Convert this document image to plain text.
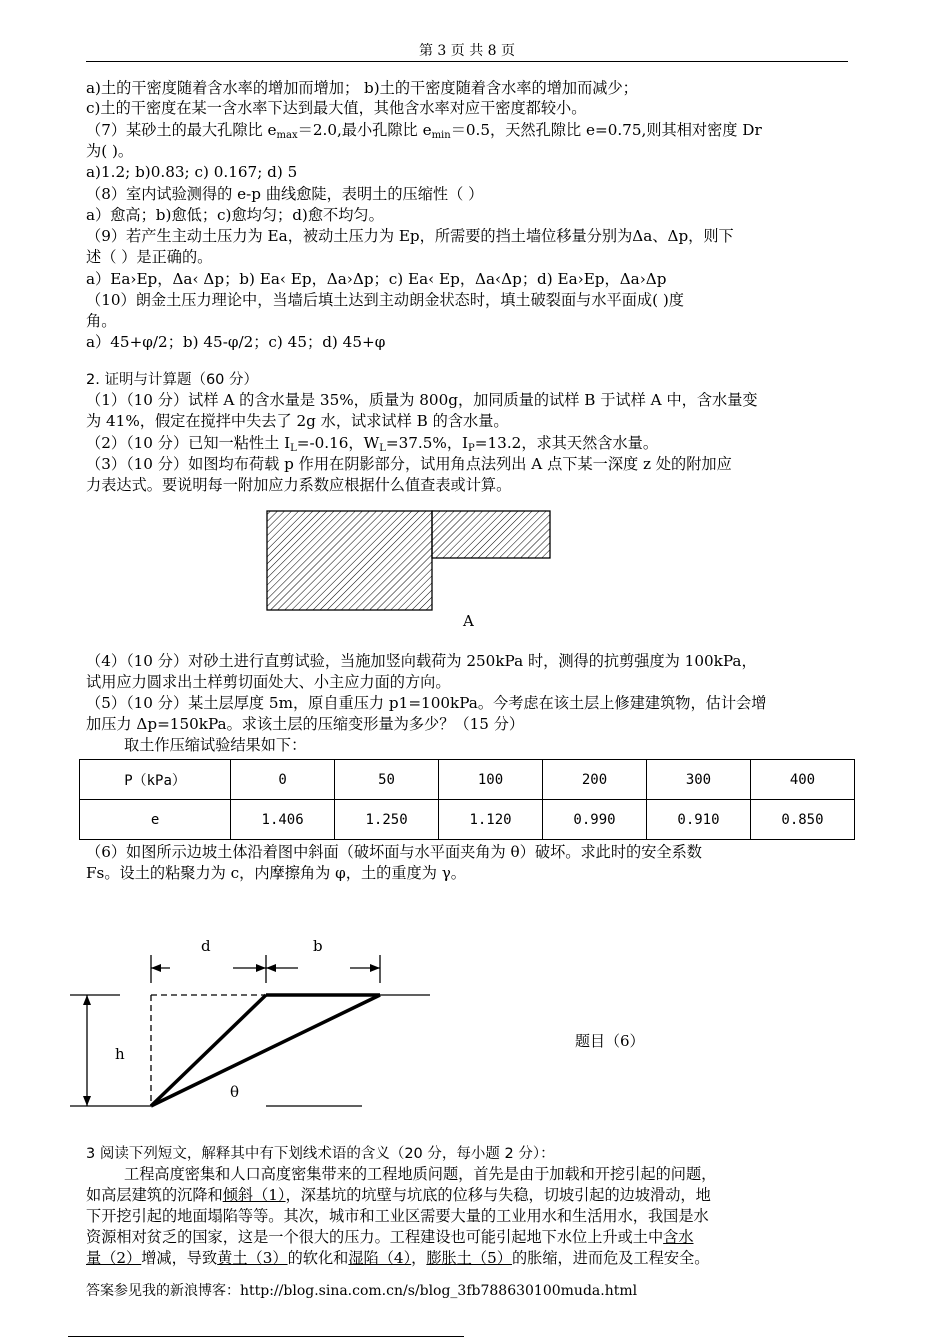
第 3 页 共 8 页
a)土的干密度随着含水率的增加而增加； b)土的干密度随着含水率的增加而减少；
c)土的干密度在某一含水率下达到最大值，其他含水率对应干密度都较小。
（7）某砂土的最大孔隙比 $e_{max}=2.0$,最小孔隙比 $e_{min}=0.5$，天然孔隙比 e=0.75,则其相对密度 Dr
为( )。
a)1.2; b)0.83; c) 0.167; d) 5
（8）室内试验测得的 e-p 曲线愈陡，表明土的压缩性（ ）
a）愈高；b)愈低；c)愈均匀；d)愈不均匀。
（9）若产生主动土压力为 Ea，被动土压力为 Ep，所需要的挡土墙位移量分别为Δa、Δp，则下
述（ ）是正确的。
a）Ea›Ep，Δa‹ Δp；b) Ea‹ Ep，Δa›Δp；c) Ea‹ Ep，Δa‹Δp；d) Ea›Ep，Δa›Δp
（10）朗金土压力理论中，当墙后填土达到主动朗金状态时，填土破裂面与水平面成( )度
角。
a）45+φ/2；b) 45-φ/2；c) 45；d) 45+φ
2. 证明与计算题（60 分）
（1）（10 分）试样 A 的含水量是 35%，质量为 800g，加同质量的试样 B 于试样 A 中，含水量变
为 41%，假定在搅拌中失去了 2g 水，试求试样 B 的含水量。
（2）（10 分）已知一粘性土 $I_L=-0.16$，$W_L=37.5\%$，$I_P=13.2$，求其天然含水量。
（3）（10 分）如图均布荷载 p 作用在阴影部分，试用角点法列出 A 点下某一深度 z 处的附加应
力表达式。要说明每一附加应力系数应根据什么值查表或计算。
A
（4）（10 分）对砂土进行直剪试验，当施加竖向载荷为 250kPa 时，测得的抗剪强度为 100kPa，
试用应力圆求出土样剪切面处大、小主应力面的方向。
（5）（10 分）某土层厚度 5m，原自重压力 p1=100kPa。今考虑在该土层上修建建筑物，估计会增
加压力 Δp=150kPa。求该土层的压缩变形量为多少？（15 分）
取土作压缩试验结果如下：
P（kPa）	0	50	100	200	300	400
e	1.406	1.250	1.120	0.990	0.910	0.850
（6）如图所示边坡土体沿着图中斜面（破坏面与水平面夹角为 θ）破坏。求此时的安全系数
Fs。设土的粘聚力为 c，内摩擦角为 φ，土的重度为 γ。
d	b
h
θ
题目（6）
3 阅读下列短文，解释其中有下划线术语的含义（20 分，每小题 2 分）：
工程高度密集和人口高度密集带来的工程地质问题，首先是由于加载和开挖引起的问题，
如高层建筑的沉降和倾斜（1），深基坑的坑壁与坑底的位移与失稳，切坡引起的边坡滑动，地
下开挖引起的地面塌陷等等。其次，城市和工业区需要大量的工业用水和生活用水，我国是水
资源相对贫乏的国家，这是一个很大的压力。工程建设也可能引起地下水位上升或土中含水
量（2）增减，导致黄土（3）的软化和湿陷（4），膨胀土（5）的胀缩，进而危及工程安全。
答案参见我的新浪博客：http://blog.sina.com.cn/s/blog_3fb788630100muda.html
